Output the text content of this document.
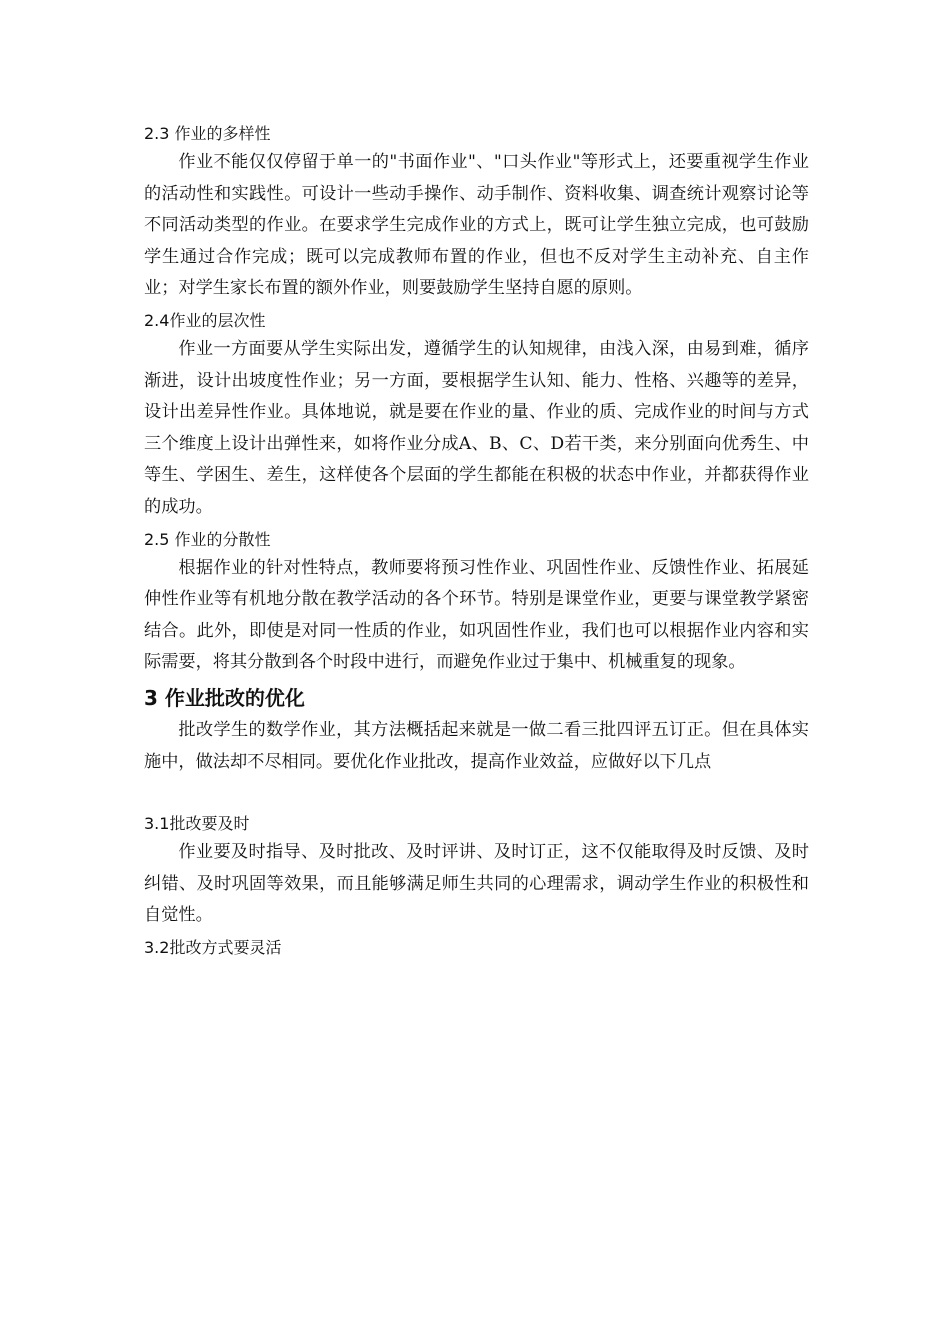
2.3 作业的多样性

作业不能仅仅停留于单一的"书面作业"、"口头作业"等形式上，还要重视学生作业的活动性和实践性。可设计一些动手操作、动手制作、资料收集、调查统计观察讨论等不同活动类型的作业。在要求学生完成作业的方式上，既可让学生独立完成，也可鼓励学生通过合作完成；既可以完成教师布置的作业，但也不反对学生主动补充、自主作业；对学生家长布置的额外作业，则要鼓励学生坚持自愿的原则。

2.4作业的层次性

作业一方面要从学生实际出发，遵循学生的认知规律，由浅入深，由易到难，循序渐进，设计出坡度性作业；另一方面，要根据学生认知、能力、性格、兴趣等的差异，设计出差异性作业。具体地说，就是要在作业的量、作业的质、完成作业的时间与方式三个维度上设计出弹性来，如将作业分成A、B、C、D若干类，来分别面向优秀生、中等生、学困生、差生，这样使各个层面的学生都能在积极的状态中作业，并都获得作业的成功。

2.5 作业的分散性

根据作业的针对性特点，教师要将预习性作业、巩固性作业、反馈性作业、拓展延伸性作业等有机地分散在教学活动的各个环节。特别是课堂作业，更要与课堂教学紧密结合。此外，即使是对同一性质的作业，如巩固性作业，我们也可以根据作业内容和实际需要，将其分散到各个时段中进行，而避免作业过于集中、机械重复的现象。

3 作业批改的优化

批改学生的数学作业，其方法概括起来就是一做二看三批四评五订正。但在具体实施中，做法却不尽相同。要优化作业批改，提高作业效益，应做好以下几点

3.1批改要及时

作业要及时指导、及时批改、及时评讲、及时订正，这不仅能取得及时反馈、及时纠错、及时巩固等效果，而且能够满足师生共同的心理需求，调动学生作业的积极性和自觉性。

3.2批改方式要灵活
